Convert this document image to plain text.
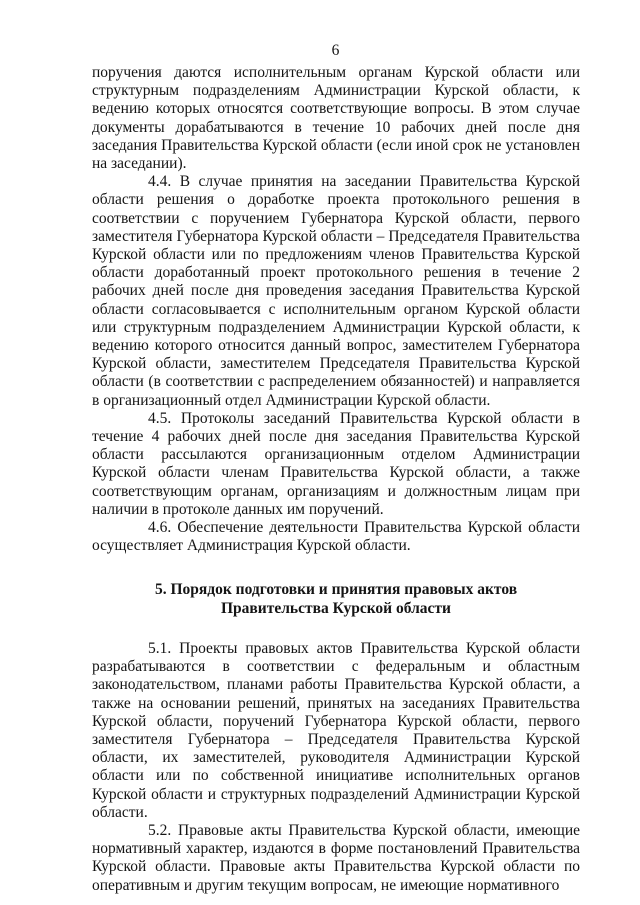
6

поручения даются исполнительным органам Курской области или структурным подразделениям Администрации Курской области, к ведению которых относятся соответствующие вопросы. В этом случае документы дорабатываются в течение 10 рабочих дней после дня заседания Правительства Курской области (если иной срок не установлен на заседании).

4.4. В случае принятия на заседании Правительства Курской области решения о доработке проекта протокольного решения в соответствии с поручением Губернатора Курской области, первого заместителя Губернатора Курской области – Председателя Правительства Курской области или по предложениям членов Правительства Курской области доработанный проект протокольного решения в течение 2 рабочих дней после дня проведения заседания Правительства Курской области согласовывается с исполнительным органом Курской области или структурным подразделением Администрации Курской области, к ведению которого относится данный вопрос, заместителем Губернатора Курской области, заместителем Председателя Правительства Курской области (в соответствии с распределением обязанностей) и направляется в организационный отдел Администрации Курской области.

4.5. Протоколы заседаний Правительства Курской области в течение 4 рабочих дней после дня заседания Правительства Курской области рассылаются организационным отделом Администрации Курской области членам Правительства Курской области, а также соответствующим органам, организациям и должностным лицам при наличии в протоколе данных им поручений.

4.6. Обеспечение деятельности Правительства Курской области осуществляет Администрация Курской области.

5. Порядок подготовки и принятия правовых актов

Правительства Курской области

5.1. Проекты правовых актов Правительства Курской области разрабатываются в соответствии с федеральным и областным законодательством, планами работы Правительства Курской области, а также на основании решений, принятых на заседаниях Правительства Курской области, поручений Губернатора Курской области, первого заместителя Губернатора – Председателя Правительства Курской области, их заместителей, руководителя Администрации Курской области или по собственной инициативе исполнительных органов Курской области и структурных подразделений Администрации Курской области.

5.2. Правовые акты Правительства Курской области, имеющие нормативный характер, издаются в форме постановлений Правительства Курской области. Правовые акты Правительства Курской области по оперативным и другим текущим вопросам, не имеющие нормативного
